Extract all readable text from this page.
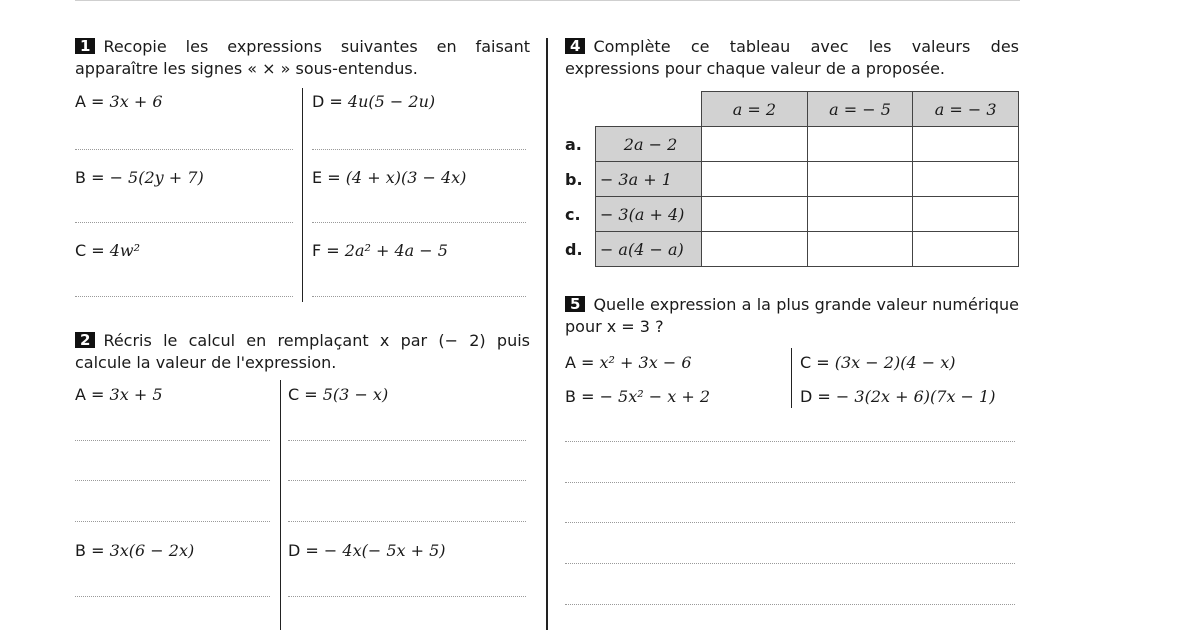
1 Recopie les expressions suivantes en faisant apparaître les signes « × » sous-entendus.
A = 3x + 6
B = − 5(2y + 7)
C = 4w²
D = 4u(5 − 2u)
E = (4 + x)(3 − 4x)
F = 2a² + 4a − 5
2 Récris le calcul en remplaçant x par (− 2) puis calcule la valeur de l'expression.
A = 3x + 5
B = 3x(6 − 2x)
C = 5(3 − x)
D = − 4x(− 5x + 5)
4 Complète ce tableau avec les valeurs des expressions pour chaque valeur de a proposée.
		a = 2	a = − 5	a = − 3
a.	2a − 2			
b.	− 3a + 1			
c.	− 3(a + 4)			
d.	− a(4 − a)			
5 Quelle expression a la plus grande valeur numérique pour x = 3 ?
A = x² + 3x − 6
B = − 5x² − x + 2
C = (3x − 2)(4 − x)
D = − 3(2x + 6)(7x − 1)
